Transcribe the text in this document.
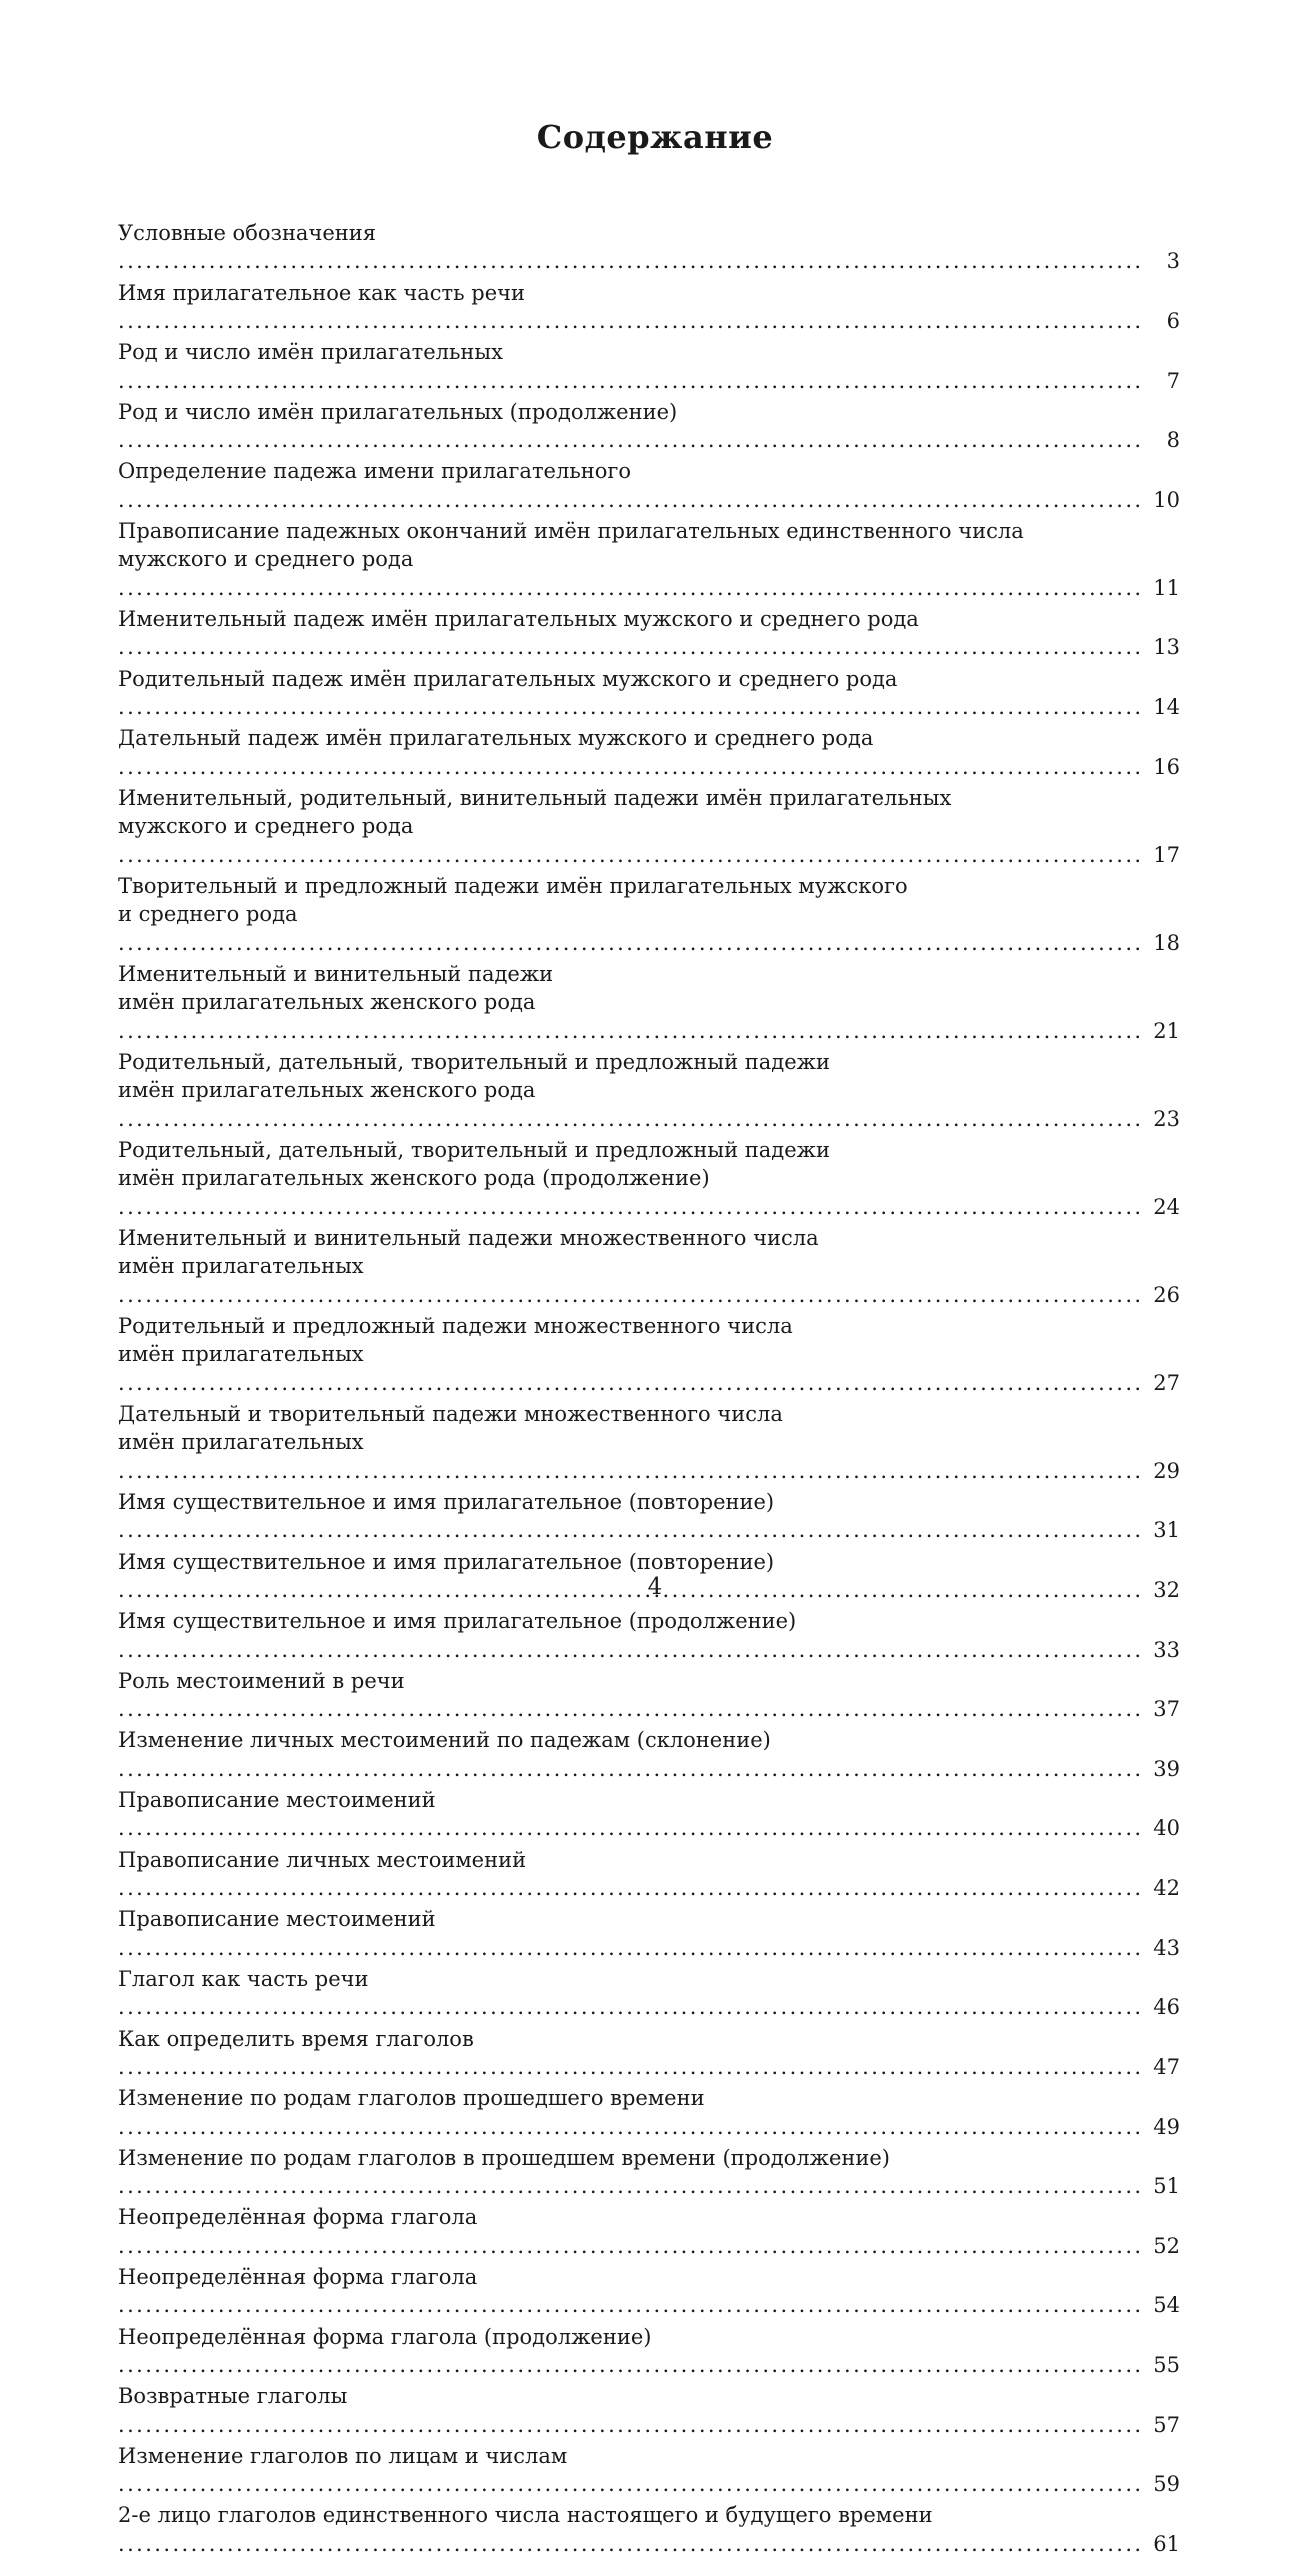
Содержание
Условные обозначения .....
3
Имя прилагательное как часть речи .....
6
Род и число имён прилагательных .....
7
Род и число имён прилагательных (продолжение) .....
8
Определение падежа имени прилагательного .....
10
Правописание падежных окончаний имён прилагательных единственного числа
мужского и среднего рода .....
11
Именительный падеж имён прилагательных мужского и среднего рода .....
13
Родительный падеж имён прилагательных мужского и среднего рода .....
14
Дательный падеж имён прилагательных мужского и среднего рода .....
16
Именительный, родительный, винительный падежи имён прилагательных
мужского и среднего рода .....
17
Творительный и предложный падежи имён прилагательных мужского
и среднего рода .....
18
Именительный и винительный падежи
имён прилагательных женского рода .....
21
Родительный, дательный, творительный и предложный падежи
имён прилагательных женского рода .....
23
Родительный, дательный, творительный и предложный падежи
имён прилагательных женского рода (продолжение) .....
24
Именительный и винительный падежи множественного числа
имён прилагательных .....
26
Родительный и предложный падежи множественного числа
имён прилагательных .....
27
Дательный и творительный падежи множественного числа
имён прилагательных .....
29
Имя существительное и имя прилагательное (повторение) .....
31
Имя существительное и имя прилагательное (повторение) .....
32
Имя существительное и имя прилагательное (продолжение) .....
33
Роль местоимений в речи .....
37
Изменение личных местоимений по падежам (склонение) .....
39
Правописание местоимений .....
40
Правописание личных местоимений .....
42
Правописание местоимений .....
43
Глагол как часть речи .....
46
Как определить время глаголов .....
47
Изменение по родам глаголов прошедшего времени .....
49
Изменение по родам глаголов в прошедшем времени (продолжение) .....
51
Неопределённая форма глагола .....
52
Неопределённая форма глагола .....
54
Неопределённая форма глагола (продолжение) .....
55
Возвратные глаголы .....
57
Изменение глаголов по лицам и числам .....
59
2-е лицо глаголов единственного числа настоящего и будущего времени .....
61
4
